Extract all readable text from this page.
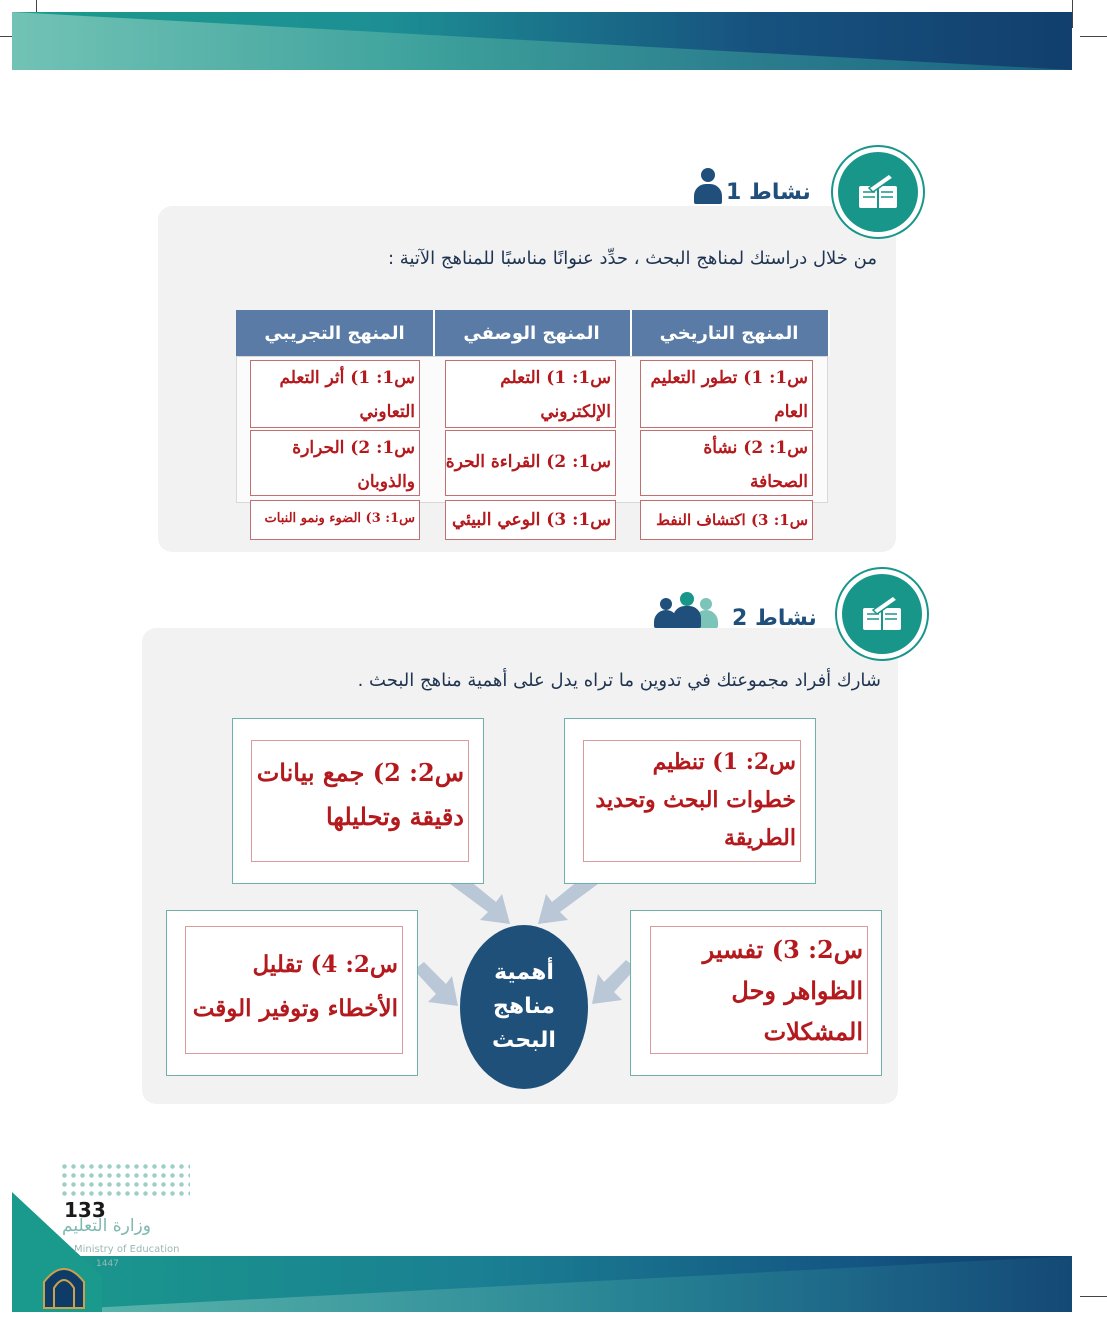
نشاط 1
من خلال دراستك لمناهج البحث ، حدِّد عنوانًا مناسبًا للمناهج الآتية :
المنهج التاريخي
المنهج الوصفي
المنهج التجريبي
س1: 1) تطور التعليم العام
س1: 2) نشأة الصحافة
س1: 3) اكتشاف النفط
س1: 1) التعلم الإلكتروني
س1: 2) القراءة الحرة
س1: 3) الوعي البيئي
س1: 1) أثر التعلم التعاوني
س1: 2) الحرارة والذوبان
س1: 3) الضوء ونمو النبات
نشاط 2
شارك أفراد مجموعتك في تدوين ما تراه يدل على أهمية مناهج البحث .
س2: 1) تنظيم خطوات البحث وتحديد الطريقة
س2: 2) جمع بيانات دقيقة وتحليلها
س2: 3) تفسير الظواهر وحل المشكلات
س2: 4) تقليل الأخطاء وتوفير الوقت
أهمية
مناهج
البحث
133
وزارة التعليم
Ministry of Education
1447
